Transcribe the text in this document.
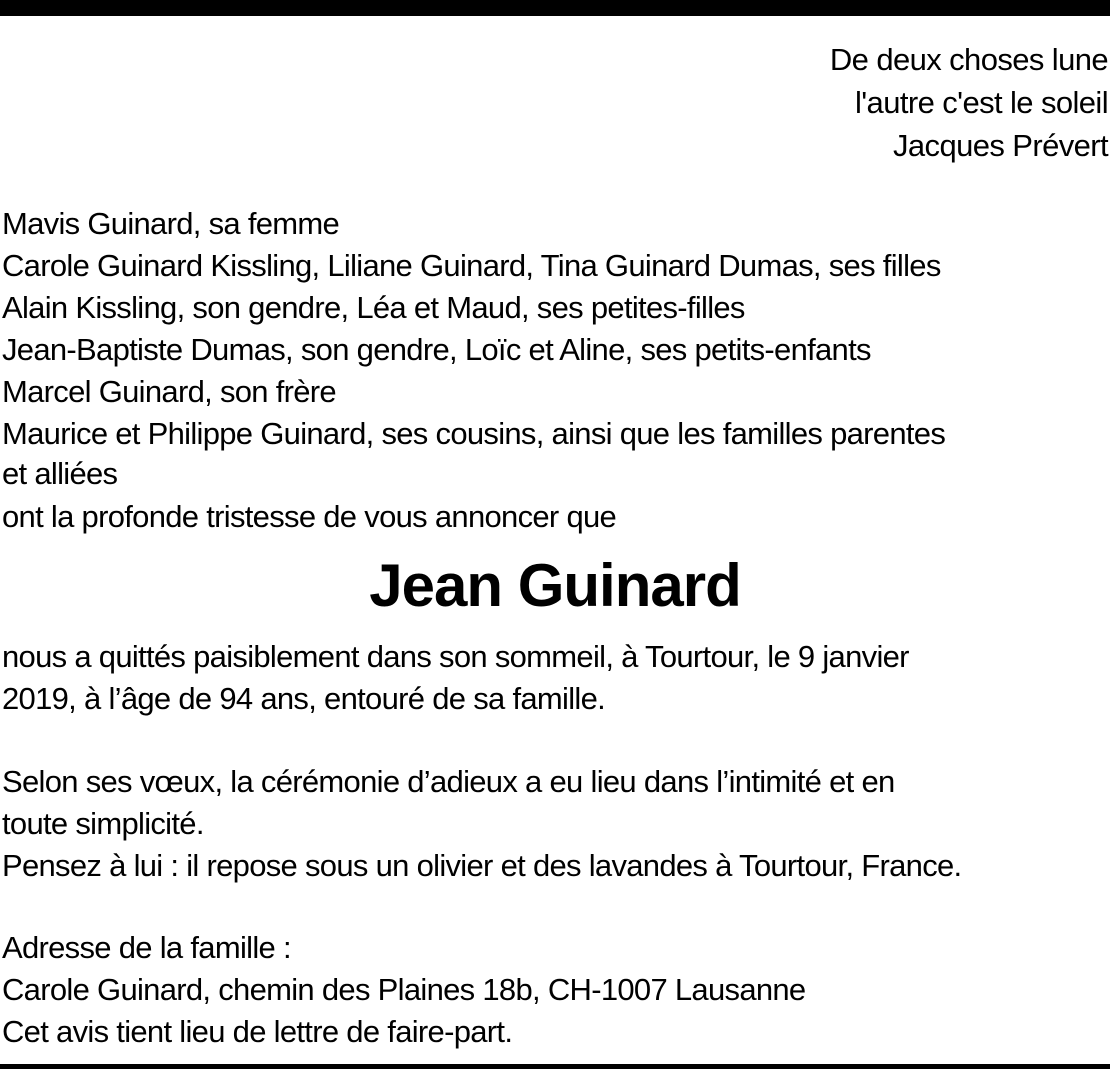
De deux choses lune
l'autre c'est le soleil
Jacques Prévert
Mavis Guinard, sa femme
Carole Guinard Kissling, Liliane Guinard, Tina Guinard Dumas, ses filles
Alain Kissling, son gendre, Léa et Maud, ses petites-filles
Jean-Baptiste Dumas, son gendre, Loïc et Aline, ses petits-enfants
Marcel Guinard, son frère
Maurice et Philippe Guinard, ses cousins, ainsi que les familles parentes
et alliées
ont la profonde tristesse de vous annoncer que
Jean Guinard
nous a quittés paisiblement dans son sommeil, à Tourtour, le 9 janvier
2019, à l’âge de 94 ans, entouré de sa famille.
Selon ses vœux, la cérémonie d’adieux a eu lieu dans l’intimité et en
toute simplicité.
Pensez à lui : il repose sous un olivier et des lavandes à Tourtour, France.
Adresse de la famille :
Carole Guinard, chemin des Plaines 18b, CH-1007 Lausanne
Cet avis tient lieu de lettre de faire-part.
